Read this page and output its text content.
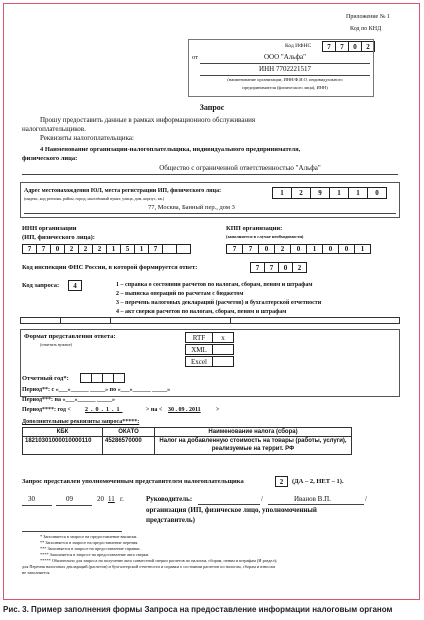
Приложение № 1
Код по КНД
Код ИФНС	7	7	0	2
от	ООО "Альфа"
ИНН 7702221517
(наименование организации, ИНН/Ф.И.О. индивидуального
предпринимателя (физического лица), ИНН)
Запрос
Прошу предоставить данные в рамках информационного обслуживания
налогоплательщиков.
Реквизиты налогоплательщика:
4 Наименование организации-налогоплательщика, индивидуального предпринимателя,
физического лица:
Общество с ограниченной ответственностью "Альфа"
Адрес местонахождения ЮЛ, места регистрации ИП, физического лица:
(индекс, код региона, район, город, населённый пункт, улица, дом, корпус, кв.)
1	2	9	1	1	0
77, Москва, Банный пер., дом 3
ИНН организации
(ИП, физического лица):
7	7	0	2	2	2	1	5	1	7
КПП организации:
(заполняется в случае необходимости)
7	7	0	2	0	1	0	0	1
Код инспекции ФНС России, в которой формируется ответ:	7	7	0	2
Код запроса:	4	1 – справка о состоянии расчетов по налогам, сборам, пеням и штрафам
2 – выписка операций по расчетам с бюджетом
3 – перечень налоговых деклараций (расчетов) и бухгалтерской отчетности
4 – акт сверки расчетов по налогам, сборам, пеням и штрафам
Формат представления ответа:
(отметить нужное)
RTF	x
XML
Excel
Отчетный год*:
Период**: с «___»______ _____» по «___»______ _____»
Период***: на «___»______ _____»
Период****: год < 2.0.1.1	> на < 30 . 09 . 2011	>
Дополнительные реквизиты запроса*****:
КБК	ОКАТО	Наименование налога (сбора)
18210301000010000110	45286570000	Налог на добавленную стоимость на товары (работы, услуги), реализуемые на террит. РФ
Запрос представлен уполномоченным представителем налогоплательщика	2	(ДА – 2, НЕТ – 1).
30	09	20 11 г.	Руководитель:	/	Иванов В.П.	/
организация (ИП, физическое лицо, уполномоченный
представитель)
* Заполняется в запросе на предоставление выписки.
** Заполняется в запросе на предоставление перечня.
*** Заполняется в запросе на предоставление справки.
**** Заполняется в запросе на предоставление акта сверки.
***** Обязательно для запроса на получение акта совместной сверки расчетов по налогам, сборам, пеням и штрафам (И раздел);
для Перечня налоговых деклараций (расчетов) и бухгалтерской отчетности и справки о состоянии расчетов по налогам, сборам и взносам
не заполняется.
Рис. 3. Пример заполнения формы Запроса на предоставление информации налоговым органом
